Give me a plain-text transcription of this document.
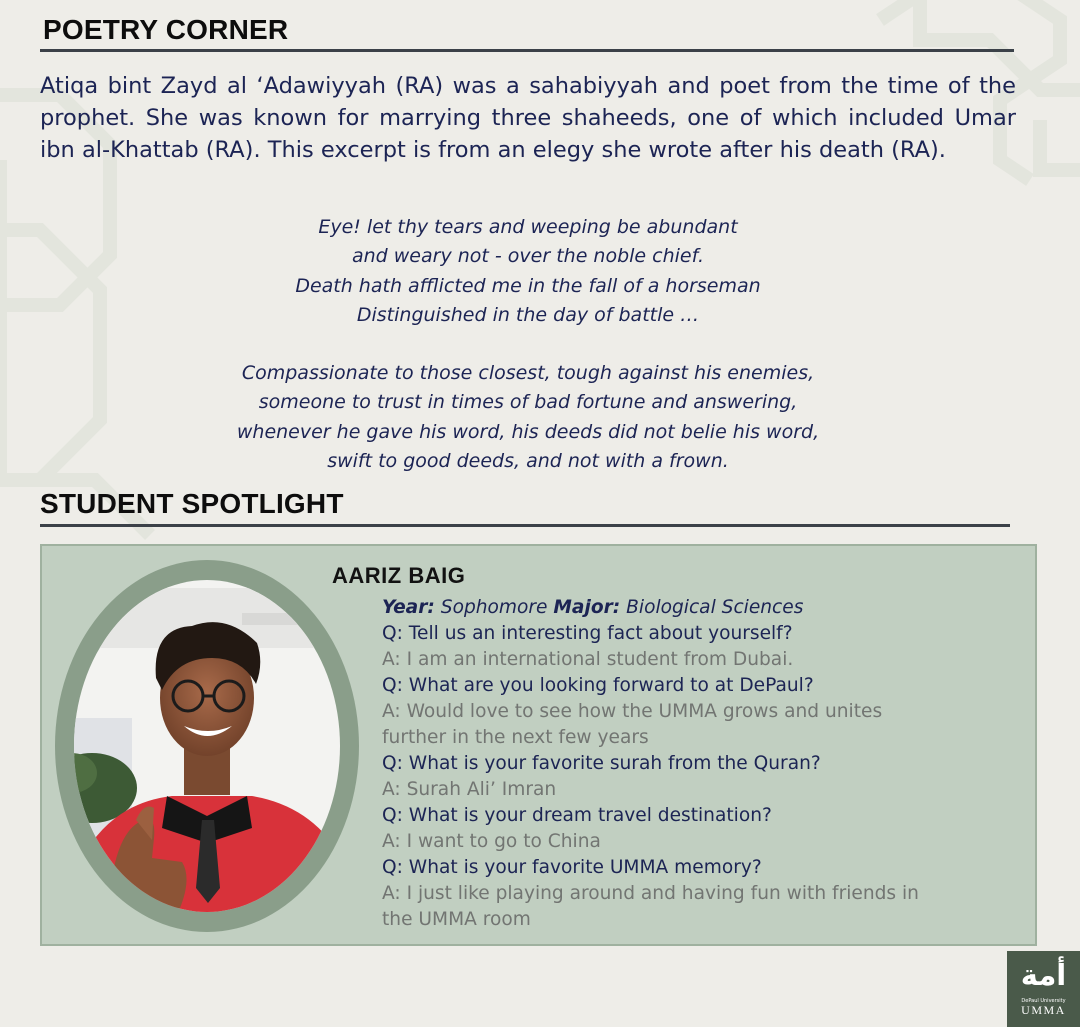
POETRY CORNER

Atiqa bint Zayd al ‘Adawiyyah (RA) was a sahabiyyah and poet from the time of the prophet. She was known for marrying three shaheeds, one of which included Umar ibn al-Khattab (RA). This excerpt is from an elegy she wrote after his death (RA).

Eye! let thy tears and weeping be abundant
and weary not - over the noble chief.
Death hath afflicted me in the fall of a horseman
Distinguished in the day of battle …

Compassionate to those closest, tough against his enemies,
someone to trust in times of bad fortune and answering,
whenever he gave his word, his deeds did not belie his word,
swift to good deeds, and not with a frown.

STUDENT SPOTLIGHT
AARIZ BAIG
Year: Sophomore Major: Biological Sciences
Q: Tell us an interesting fact about yourself?
A: I am an international student from Dubai.
Q: What are you looking forward to at DePaul?
A: Would love to see how the UMMA grows and unites
further in the next few years
Q: What is your favorite surah from the Quran?
A: Surah Ali’ Imran
Q: What is your dream travel destination?
A: I want to go to China
Q: What is your favorite UMMA memory?
A: I just like playing around and having fun with friends in
the UMMA room
أمة
DePaul University
UMMA
